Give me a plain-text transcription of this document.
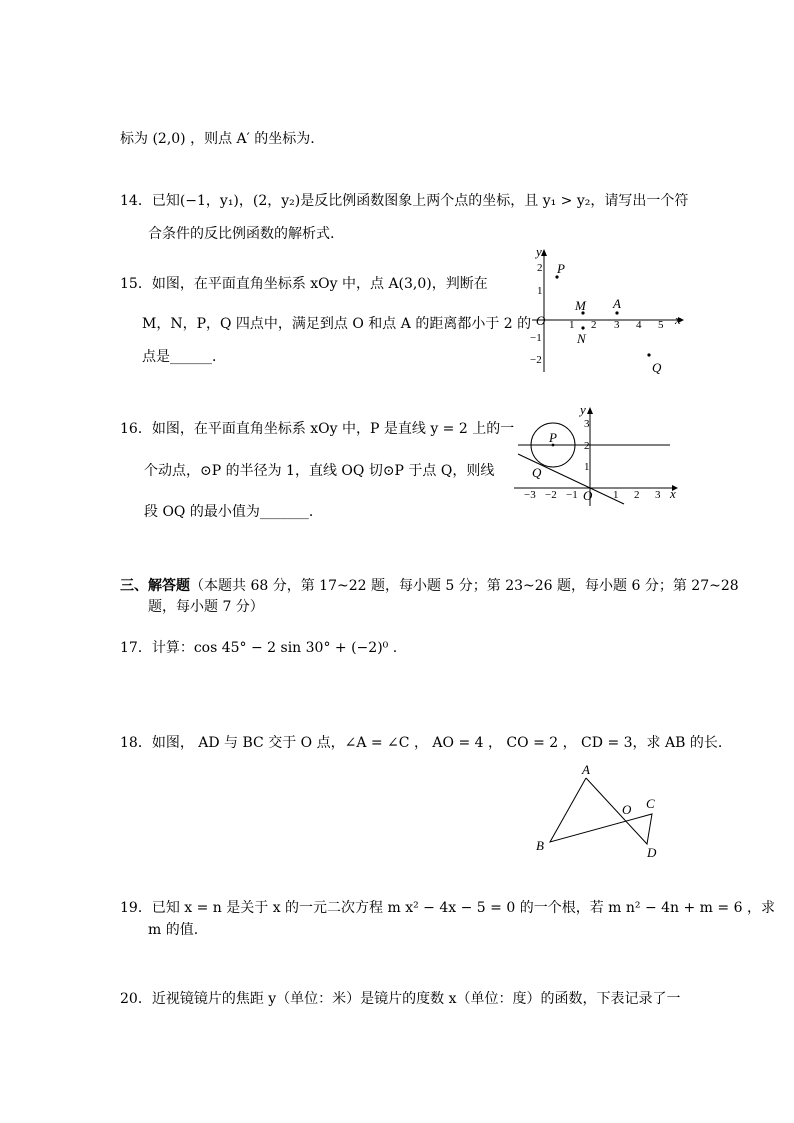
标为 (2,0) ，则点 A′ 的坐标为.
14．已知(−1，y₁)，(2，y₂)是反比例函数图象上两个点的坐标，且 y₁ > y₂，请写出一个符
合条件的反比例函数的解析式.
15．如图，在平面直角坐标系 xOy 中，点 A(3,0)，判断在
M，N，P，Q 四点中，满足到点 O 和点 A 的距离都小于 2 的
点是______．
x
y
O 1 2 3 4 5
2
1
−1
−2
P
M A
N
Q
16．如图，在平面直角坐标系 xOy 中，P 是直线 y = 2 上的一
个动点，⊙P 的半径为 1，直线 OQ 切⊙P 于点 Q，则线
段 OQ 的最小值为_______．
P
Q
x
y
O
−3 −2 −1	1 2 3
3
2
1
三、解答题（本题共 68 分，第 17~22 题，每小题 5 分；第 23~26 题，每小题 6 分；第 27~28
题，每小题 7 分）
17．计算：cos 45° − 2 sin 30° + (−2)⁰ .
18．如图， AD 与 BC 交于 O 点，∠A = ∠C ， AO = 4 ， CO = 2 ， CD = 3，求 AB 的长.
A
B
C
D
O
19．已知 x = n 是关于 x 的一元二次方程 m x² − 4x − 5 = 0 的一个根，若 m n² − 4n + m = 6 ，求
m 的值.
20．近视镜镜片的焦距 y（单位：米）是镜片的度数 x（单位：度）的函数，下表记录了一
